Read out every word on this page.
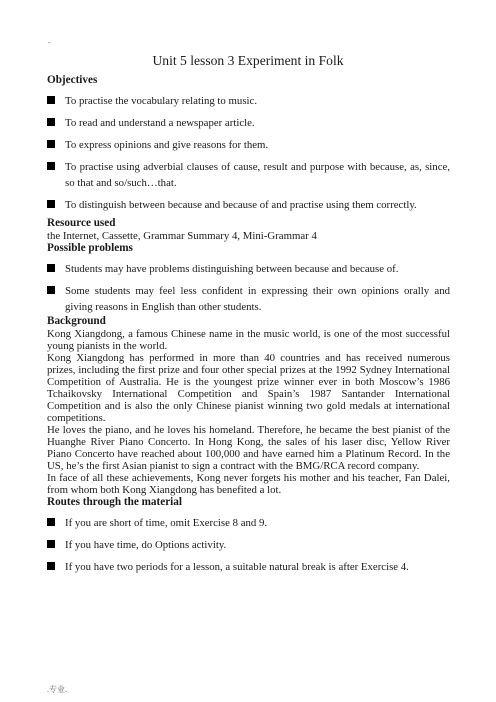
-
Unit 5 lesson 3 Experiment in Folk

Objectives

To practise the vocabulary relating to music.

To read and understand a newspaper article.

To express opinions and give reasons for them.

To practise using adverbial clauses of cause, result and purpose with because, as, since, so that and so/such…that.

To distinguish between because and because of and practise using them correctly.

Resource used

the Internet, Cassette, Grammar Summary 4, Mini-Grammar 4

Possible problems

Students may have problems distinguishing between because and because of.

Some students may feel less confident in expressing their own opinions orally and giving reasons in English than other students.

Background

Kong Xiangdong, a famous Chinese name in the music world, is one of the most successful young pianists in the world.

Kong Xiangdong has performed in more than 40 countries and has received numerous prizes, including the first prize and four other special prizes at the 1992 Sydney International Competition of Australia. He is the youngest prize winner ever in both Moscow’s 1986 Tchaikovsky International Competition and Spain’s 1987 Santander International Competition and is also the only Chinese pianist winning two gold medals at international competitions.

He loves the piano, and he loves his homeland. Therefore, he became the best pianist of the Huanghe River Piano Concerto. In Hong Kong, the sales of his laser disc, Yellow River Piano Concerto have reached about 100,000 and have earned him a Platinum Record. In the US, he’s the first Asian pianist to sign a contract with the BMG/RCA record company.

In face of all these achievements, Kong never forgets his mother and his teacher, Fan Dalei, from whom both Kong Xiangdong has benefited a lot.

Routes through the material

If you are short of time, omit Exercise 8 and 9.

If you have time, do Options activity.

If you have two periods for a lesson, a suitable natural break is after Exercise 4.

.专业.
